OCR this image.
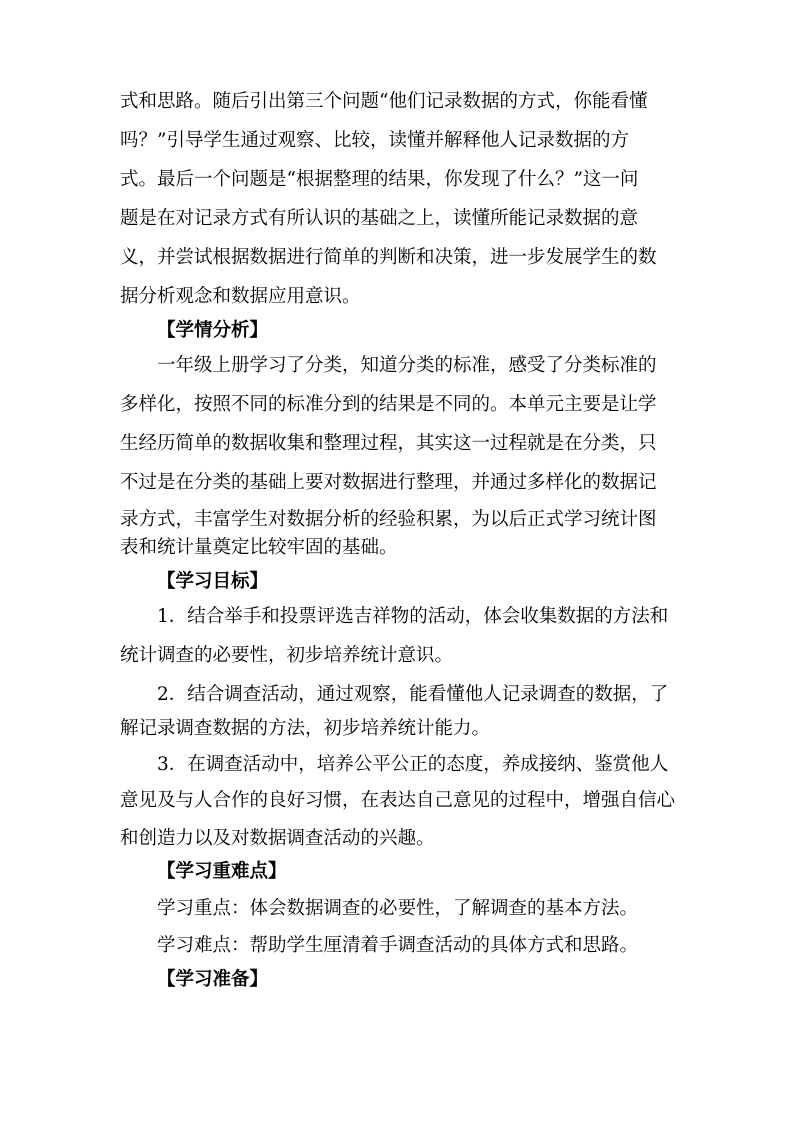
式和思路。随后引出第三个问题“他们记录数据的方式，你能看懂
吗？”引导学生通过观察、比较，读懂并解释他人记录数据的方
式。最后一个问题是“根据整理的结果，你发现了什么？”这一问
题是在对记录方式有所认识的基础之上，读懂所能记录数据的意
义，并尝试根据数据进行简单的判断和决策，进一步发展学生的数
据分析观念和数据应用意识。
【学情分析】
一年级上册学习了分类，知道分类的标准，感受了分类标准的
多样化，按照不同的标准分到的结果是不同的。本单元主要是让学
生经历简单的数据收集和整理过程，其实这一过程就是在分类，只
不过是在分类的基础上要对数据进行整理，并通过多样化的数据记
录方式，丰富学生对数据分析的经验积累，为以后正式学习统计图
表和统计量奠定比较牢固的基础。
【学习目标】
1．结合举手和投票评选吉祥物的活动，体会收集数据的方法和
统计调查的必要性，初步培养统计意识。
2．结合调查活动，通过观察，能看懂他人记录调查的数据，了
解记录调查数据的方法，初步培养统计能力。
3．在调查活动中，培养公平公正的态度，养成接纳、鉴赏他人
意见及与人合作的良好习惯，在表达自己意见的过程中，增强自信心
和创造力以及对数据调查活动的兴趣。
【学习重难点】
学习重点：体会数据调查的必要性，了解调查的基本方法。
学习难点：帮助学生厘清着手调查活动的具体方式和思路。
【学习准备】
